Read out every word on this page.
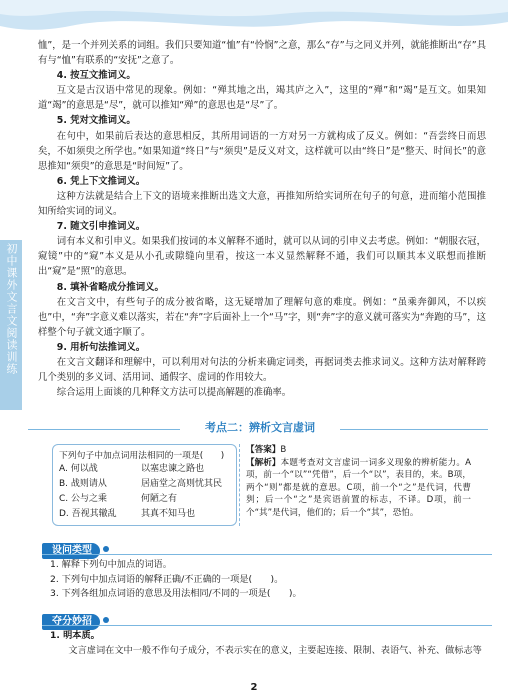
初中课外文言文阅读训练

恤”，是一个并列关系的词组。我们只要知道“恤”有“怜悯”之意，那么“存”与之同义并列，就能推断出“存”具有与“恤”有联系的“安抚”之意了。

4. 按互文推词义。

互文是古汉语中常见的现象。例如：“殚其地之出，竭其庐之入”，这里的“殚”和“竭”是互文。如果知道“竭”的意思是“尽”，就可以推知“殚”的意思也是“尽”了。

5. 凭对文推词义。

在句中，如果前后表达的意思相反，其所用词语的一方对另一方就构成了反义。例如：“吾尝终日而思矣，不如须臾之所学也。”如果知道“终日”与“须臾”是反义对文，这样就可以由“终日”是“整天、时间长”的意思推知“须臾”的意思是“时间短”了。

6. 凭上下文推词义。

这种方法就是结合上下文的语境来推断出选文大意，再推知所给实词所在句子的句意，进而缩小范围推知所给实词的词义。

7. 随文引申推词义。

词有本义和引申义。如果我们按词的本义解释不通时，就可以从词的引申义去考虑。例如：“朝服衣冠，窥镜”中的“窥”本义是从小孔或隙缝向里看，按这一本义显然解释不通，我们可以顺其本义联想而推断出“窥”是“照”的意思。

8. 填补省略成分推词义。

在文言文中，有些句子的成分被省略，这无疑增加了理解句意的难度。例如：“虽乘奔御风，不以疾也”中，“奔”字意义难以落实，若在“奔”字后面补上一个“马”字，则“奔”字的意义就可落实为“奔跑的马”，这样整个句子就文通字顺了。

9. 用析句法推词义。

在文言文翻译和理解中，可以利用对句法的分析来确定词类，再据词类去推求词义。这种方法对解释跨几个类别的多义词、活用词、通假字、虚词的作用较大。

综合运用上面谈的几种释文方法可以提高解题的准确率。

考点二：辨析文言虚词
下列句子中加点词用法相同的一项是(　　)
A. 何以战	以塞忠谏之路也
B. 战则请从	居庙堂之高则忧其民
C. 公与之乘	何陋之有
D. 吾视其辙乱	其真不知马也
【答案】B
【解析】本题考查对文言虚词一词多义现象的辨析能力。A项，前一个“以”“凭借”，后一个“以”，表目的，来。B项，两个“则”都是就的意思。C项，前一个“之”是代词，代曹刿；后一个“之”是宾语前置的标志，不译。D项，前一个“其”是代词，他们的；后一个“其”，恐怕。
设问类型

1. 解释下列句中加点的词语。

2. 下列句中加点词语的解释正确/不正确的一项是(　　)。

3. 下列各组加点词语的意思及用法相同/不同的一项是(　　)。

夺分妙招

1. 明本质。

文言虚词在文中一般不作句子成分，不表示实在的意义，主要起连接、限制、表语气、补充、做标志等

2
